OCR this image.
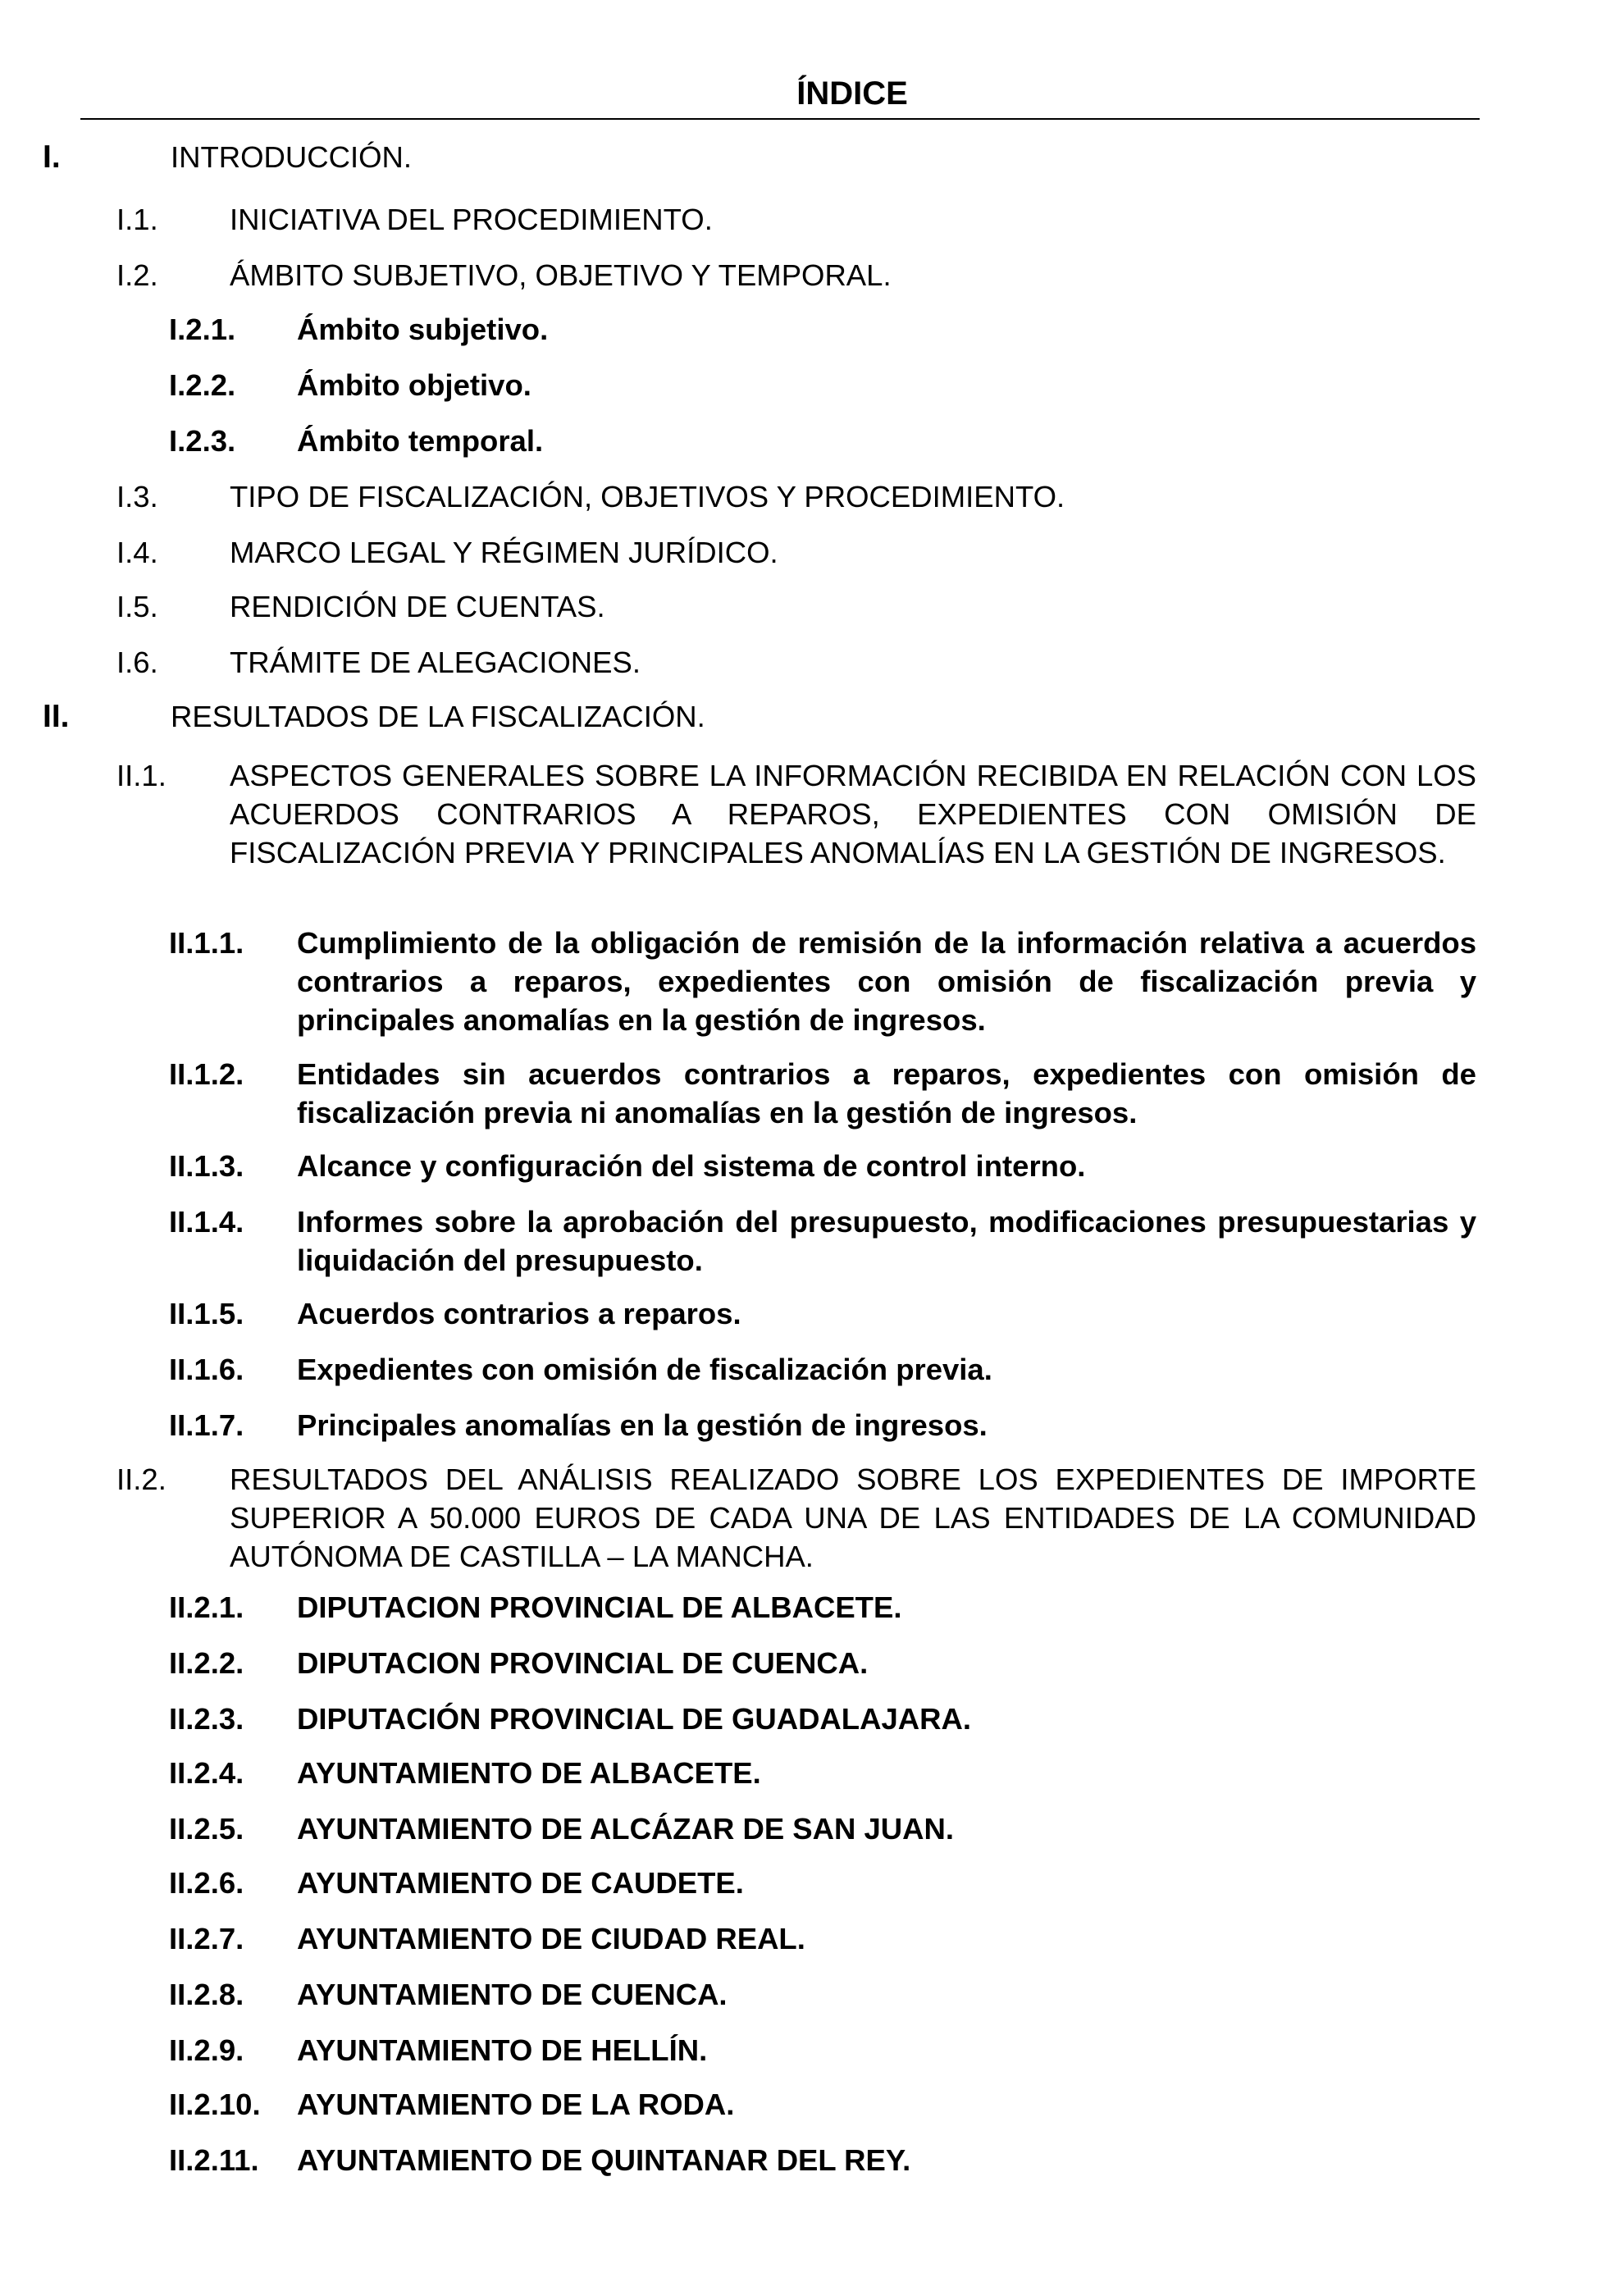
ÍNDICE
I.	INTRODUCCIÓN.
I.1. INICIATIVA DEL PROCEDIMIENTO.
I.2. ÁMBITO SUBJETIVO, OBJETIVO Y TEMPORAL.
I.2.1. Ámbito subjetivo.
I.2.2. Ámbito objetivo.
I.2.3. Ámbito temporal.
I.3. TIPO DE FISCALIZACIÓN, OBJETIVOS Y PROCEDIMIENTO.
I.4. MARCO LEGAL Y RÉGIMEN JURÍDICO.
I.5. RENDICIÓN DE CUENTAS.
I.6. TRÁMITE DE ALEGACIONES.
II.	RESULTADOS DE LA FISCALIZACIÓN.
II.1. ASPECTOS GENERALES SOBRE LA INFORMACIÓN RECIBIDA EN RELACIÓN CON LOS ACUERDOS CONTRARIOS A REPAROS, EXPEDIENTES CON OMISIÓN DE FISCALIZACIÓN PREVIA Y PRINCIPALES ANOMALÍAS EN LA GESTIÓN DE INGRESOS.
II.1.1. Cumplimiento de la obligación de remisión de la información relativa a acuerdos contrarios a reparos, expedientes con omisión de fiscalización previa y principales anomalías en la gestión de ingresos.
II.1.2. Entidades sin acuerdos contrarios a reparos, expedientes con omisión de fiscalización previa ni anomalías en la gestión de ingresos.
II.1.3. Alcance y configuración del sistema de control interno.
II.1.4. Informes sobre la aprobación del presupuesto, modificaciones presupuestarias y liquidación del presupuesto.
II.1.5. Acuerdos contrarios a reparos.
II.1.6. Expedientes con omisión de fiscalización previa.
II.1.7. Principales anomalías en la gestión de ingresos.
II.2. RESULTADOS DEL ANÁLISIS REALIZADO SOBRE LOS EXPEDIENTES DE IMPORTE SUPERIOR A 50.000 EUROS DE CADA UNA DE LAS ENTIDADES DE LA COMUNIDAD AUTÓNOMA DE CASTILLA – LA MANCHA.
II.2.1. DIPUTACION PROVINCIAL DE ALBACETE.
II.2.2. DIPUTACION PROVINCIAL DE CUENCA.
II.2.3. DIPUTACIÓN PROVINCIAL DE GUADALAJARA.
II.2.4. AYUNTAMIENTO DE ALBACETE.
II.2.5. AYUNTAMIENTO DE ALCÁZAR DE SAN JUAN.
II.2.6. AYUNTAMIENTO DE CAUDETE.
II.2.7. AYUNTAMIENTO DE CIUDAD REAL.
II.2.8. AYUNTAMIENTO DE CUENCA.
II.2.9. AYUNTAMIENTO DE HELLÍN.
II.2.10. AYUNTAMIENTO DE LA RODA.
II.2.11. AYUNTAMIENTO DE QUINTANAR DEL REY.
